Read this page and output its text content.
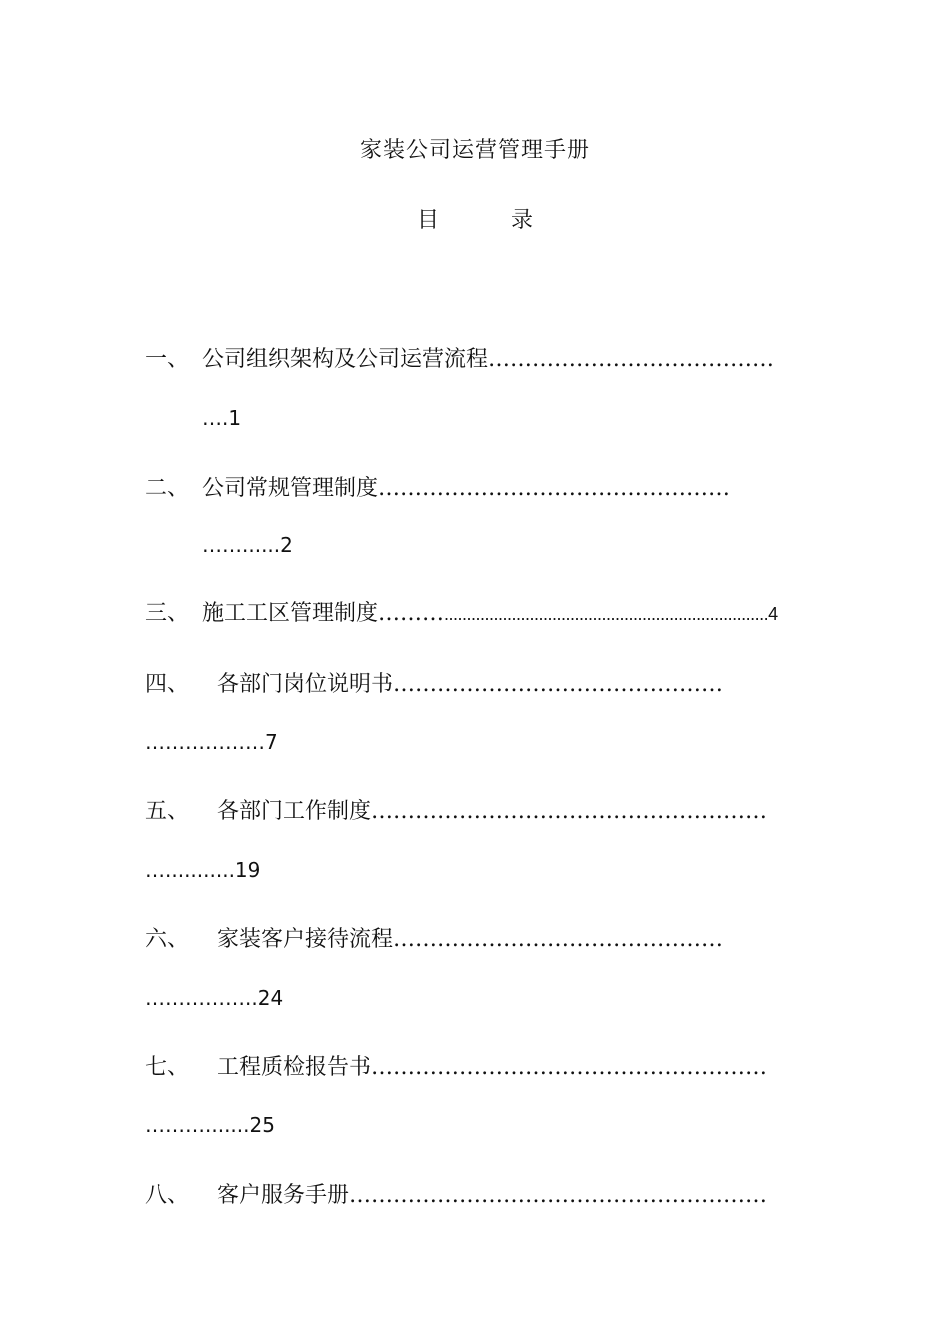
家装公司运营管理手册
目	录
一、 公司组织架构及公司运营流程…………………………………
….1
二、 公司常规管理制度…………………………………………
……......2
三、 施工工区管理制度………........................................................................4
四、 各部门岗位说明书………………………………………
………………7
五、 各部门工作制度………………………………………………
…...........19
六、 家装客户接待流程………………………………………
……………..24
七、 工程质检报告书………………………………………………
……….......25
八、 客户服务手册…………………………………………………
